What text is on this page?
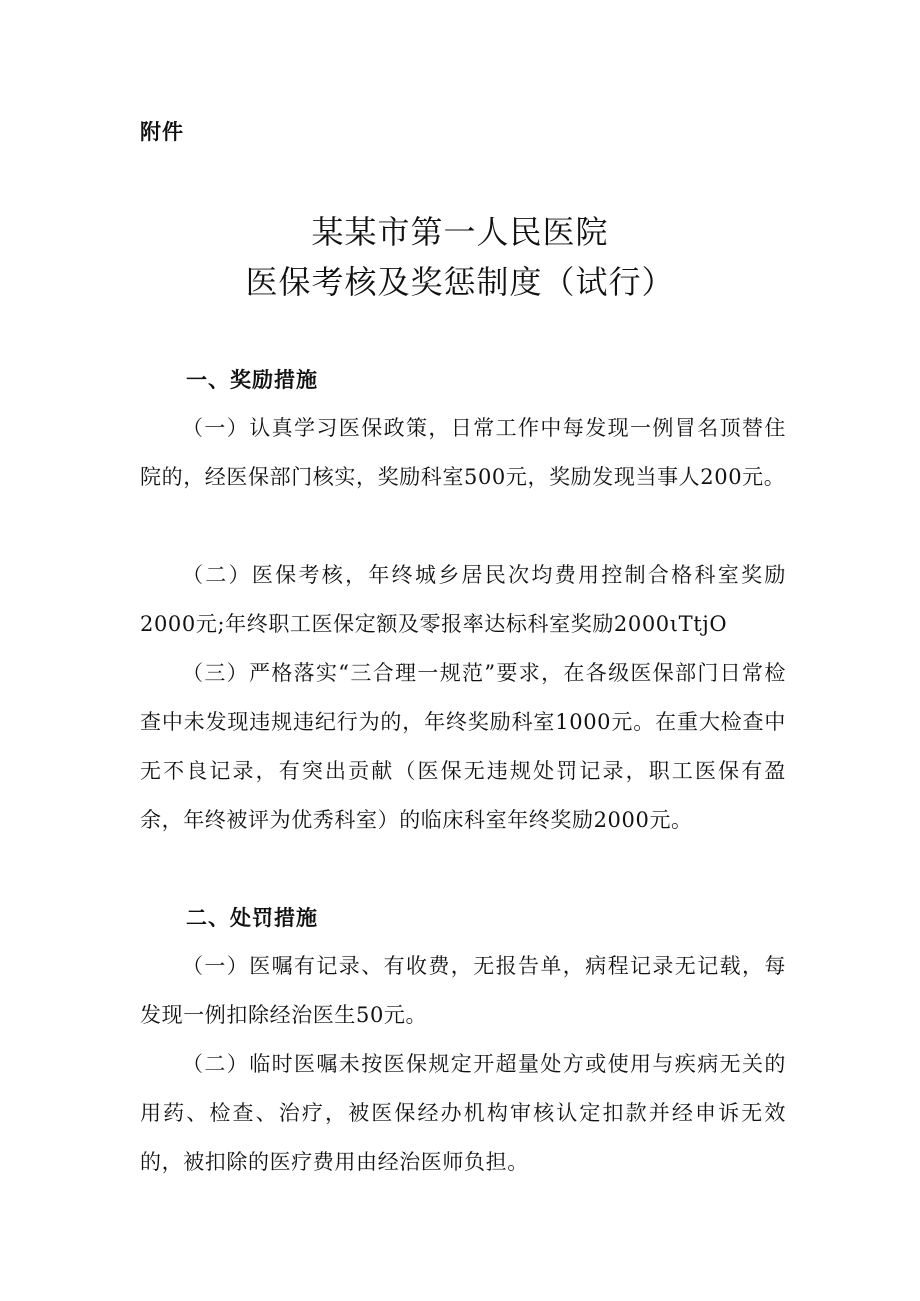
附件
某某市第一人民医院
医保考核及奖惩制度（试行）
一、奖励措施

（一）认真学习医保政策，日常工作中每发现一例冒名顶替住院的，经医保部门核实，奖励科室500元，奖励发现当事人200元。

（二）医保考核，年终城乡居民次均费用控制合格科室奖励2000元;年终职工医保定额及零报率达标科室奖励2000ιTtjO

（三）严格落实“三合理一规范”要求，在各级医保部门日常检查中未发现违规违纪行为的，年终奖励科室1000元。在重大检查中无不良记录，有突出贡献（医保无违规处罚记录，职工医保有盈余，年终被评为优秀科室）的临床科室年终奖励2000元。

二、处罚措施

（一）医嘱有记录、有收费，无报告单，病程记录无记载，每发现一例扣除经治医生50元。

（二）临时医嘱未按医保规定开超量处方或使用与疾病无关的用药、检查、治疗，被医保经办机构审核认定扣款并经申诉无效的，被扣除的医疗费用由经治医师负担。
